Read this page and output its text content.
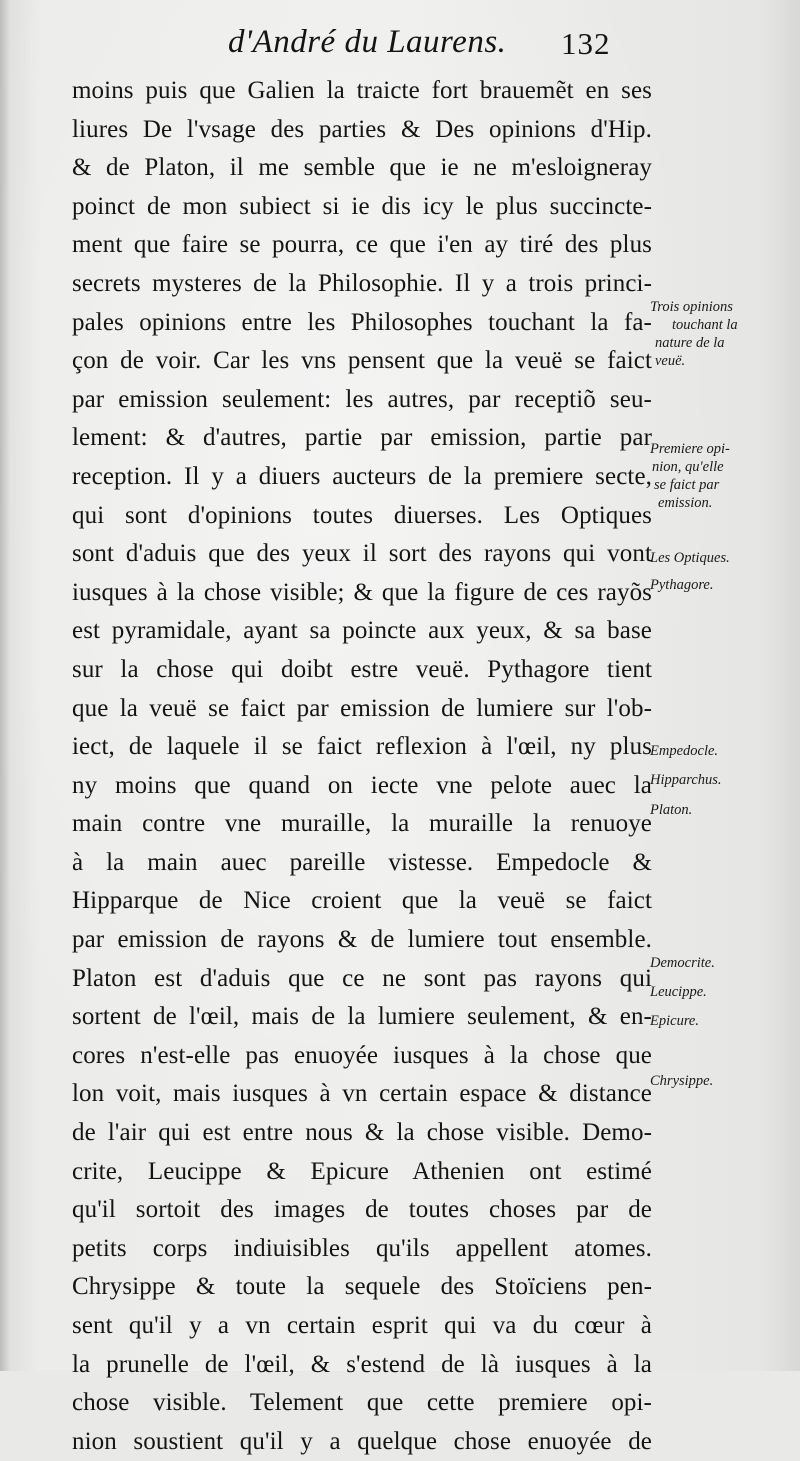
d'André du Laurens. 132
moins puis que Galien la traicte fort brauemẽt en ses
liures De l'vsage des parties & Des opinions d'Hip.
& de Platon, il me semble que ie ne m'esloigneray
poinct de mon subiect si ie dis icy le plus succincte-
ment que faire se pourra, ce que i'en ay tiré des plus
secrets mysteres de la Philosophie. Il y a trois princi-
pales opinions entre les Philosophes touchant la fa-
çon de voir. Car les vns pensent que la veuë se faict
par emission seulement: les autres, par receptiõ seu-
lement: & d'autres, partie par emission, partie par
reception. Il y a diuers aucteurs de la premiere secte,
qui sont d'opinions toutes diuerses. Les Optiques
sont d'aduis que des yeux il sort des rayons qui vont
iusques à la chose visible; & que la figure de ces rayõs
est pyramidale, ayant sa poincte aux yeux, & sa base
sur la chose qui doibt estre veuë. Pythagore tient
que la veuë se faict par emission de lumiere sur l'ob-
iect, de laquele il se faict reflexion à l'œil, ny plus
ny moins que quand on iecte vne pelote auec la
main contre vne muraille, la muraille la renuoye
à la main auec pareille vistesse. Empedocle &
Hipparque de Nice croient que la veuë se faict
par emission de rayons & de lumiere tout ensemble.
Platon est d'aduis que ce ne sont pas rayons qui
sortent de l'œil, mais de la lumiere seulement, & en-
cores n'est-elle pas enuoyée iusques à la chose que
lon voit, mais iusques à vn certain espace & distance
de l'air qui est entre nous & la chose visible. Demo-
crite, Leucippe & Epicure Athenien ont estimé
qu'il sortoit des images de toutes choses par de
petits corps indiuisibles qu'ils appellent atomes.
Chrysippe & toute la sequele des Stoïciens pen-
sent qu'il y a vn certain esprit qui va du cœur à
la prunelle de l'œil, & s'estend de là iusques à la
chose visible. Telement que cette premiere opi-
nion soustient qu'il y a quelque chose enuoyée de
Trois opinions
touchant la
nature de la
veuë.
Premiere opi-
nion, qu'elle
se faict par
emission.
Les Optiques.
Pythagore.
Empedocle.
Hipparchus.
Platon.
Democrite.
Leucippe.
Epicure.
Chrysippe.
